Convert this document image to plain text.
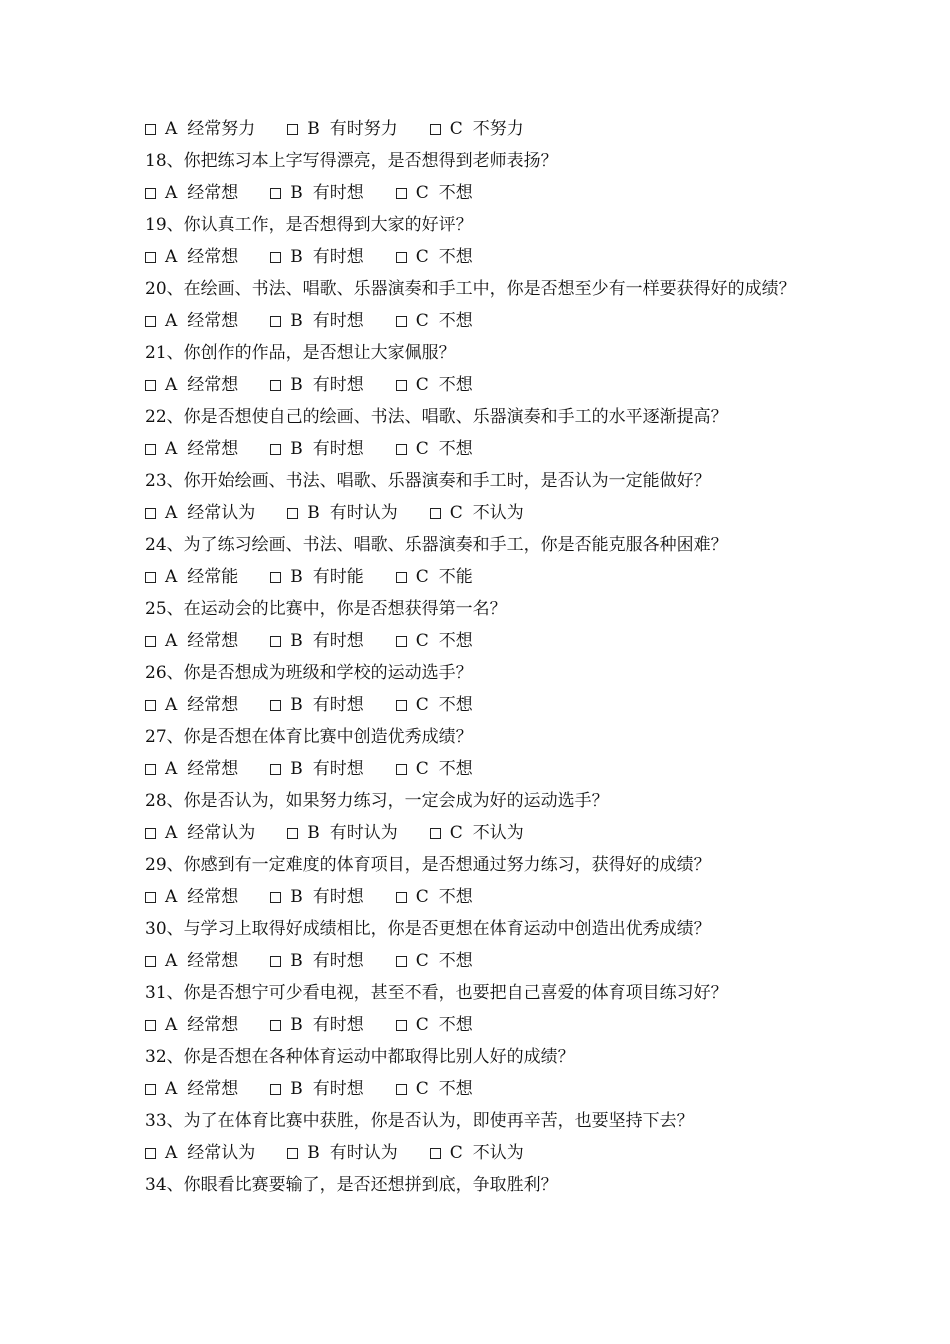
A 经常努力	B 有时努力	C 不努力
18、你把练习本上字写得漂亮，是否想得到老师表扬？
A 经常想	B 有时想	C 不想
19、你认真工作，是否想得到大家的好评？
A 经常想	B 有时想	C 不想
20、在绘画、书法、唱歌、乐器演奏和手工中，你是否想至少有一样要获得好的成绩？
A 经常想	B 有时想	C 不想
21、你创作的作品，是否想让大家佩服？
A 经常想	B 有时想	C 不想
22、你是否想使自己的绘画、书法、唱歌、乐器演奏和手工的水平逐渐提高？
A 经常想	B 有时想	C 不想
23、你开始绘画、书法、唱歌、乐器演奏和手工时，是否认为一定能做好？
A 经常认为	B 有时认为	C 不认为
24、为了练习绘画、书法、唱歌、乐器演奏和手工，你是否能克服各种困难？
A 经常能	B 有时能	C 不能
25、在运动会的比赛中，你是否想获得第一名？
A 经常想	B 有时想	C 不想
26、你是否想成为班级和学校的运动选手？
A 经常想	B 有时想	C 不想
27、你是否想在体育比赛中创造优秀成绩？
A 经常想	B 有时想	C 不想
28、你是否认为，如果努力练习，一定会成为好的运动选手？
A 经常认为	B 有时认为	C 不认为
29、你感到有一定难度的体育项目，是否想通过努力练习，获得好的成绩？
A 经常想	B 有时想	C 不想
30、与学习上取得好成绩相比，你是否更想在体育运动中创造出优秀成绩？
A 经常想	B 有时想	C 不想
31、你是否想宁可少看电视，甚至不看，也要把自己喜爱的体育项目练习好？
A 经常想	B 有时想	C 不想
32、你是否想在各种体育运动中都取得比别人好的成绩？
A 经常想	B 有时想	C 不想
33、为了在体育比赛中获胜，你是否认为，即使再辛苦，也要坚持下去？
A 经常认为	B 有时认为	C 不认为
34、你眼看比赛要输了，是否还想拼到底，争取胜利？
